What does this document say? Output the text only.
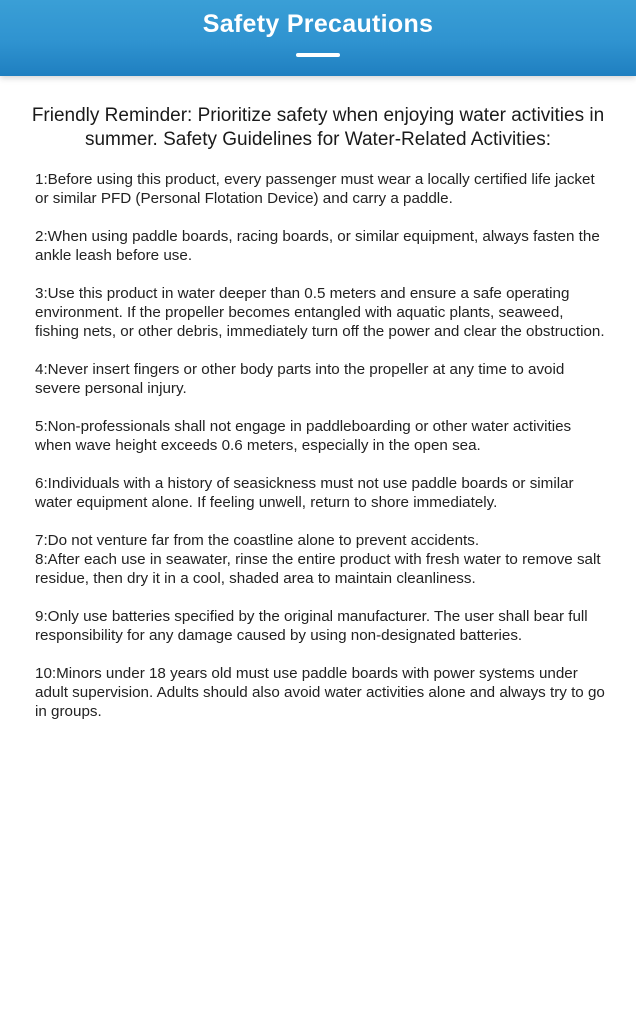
Safety Precautions
Friendly Reminder: Prioritize safety when enjoying water activities in summer. Safety Guidelines for Water-Related Activities:

1:Before using this product, every passenger must wear a locally certified life jacket or similar PFD (Personal Flotation Device) and carry a paddle.

2:When using paddle boards, racing boards, or similar equipment, always fasten the ankle leash before use.

3:Use this product in water deeper than 0.5 meters and ensure a safe operating environment. If the propeller becomes entangled with aquatic plants, seaweed, fishing nets, or other debris, immediately turn off the power and clear the obstruction.

4:Never insert fingers or other body parts into the propeller at any time to avoid severe personal injury.

5:Non-professionals shall not engage in paddleboarding or other water activities when wave height exceeds 0.6 meters, especially in the open sea.

6:Individuals with a history of seasickness must not use paddle boards or similar water equipment alone. If feeling unwell, return to shore immediately.

7:Do not venture far from the coastline alone to prevent accidents.

8:After each use in seawater, rinse the entire product with fresh water to remove salt residue, then dry it in a cool, shaded area to maintain cleanliness.

9:Only use batteries specified by the original manufacturer. The user shall bear full responsibility for any damage caused by using non-designated batteries.

10:Minors under 18 years old must use paddle boards with power systems under adult supervision. Adults should also avoid water activities alone and always try to go in groups.
